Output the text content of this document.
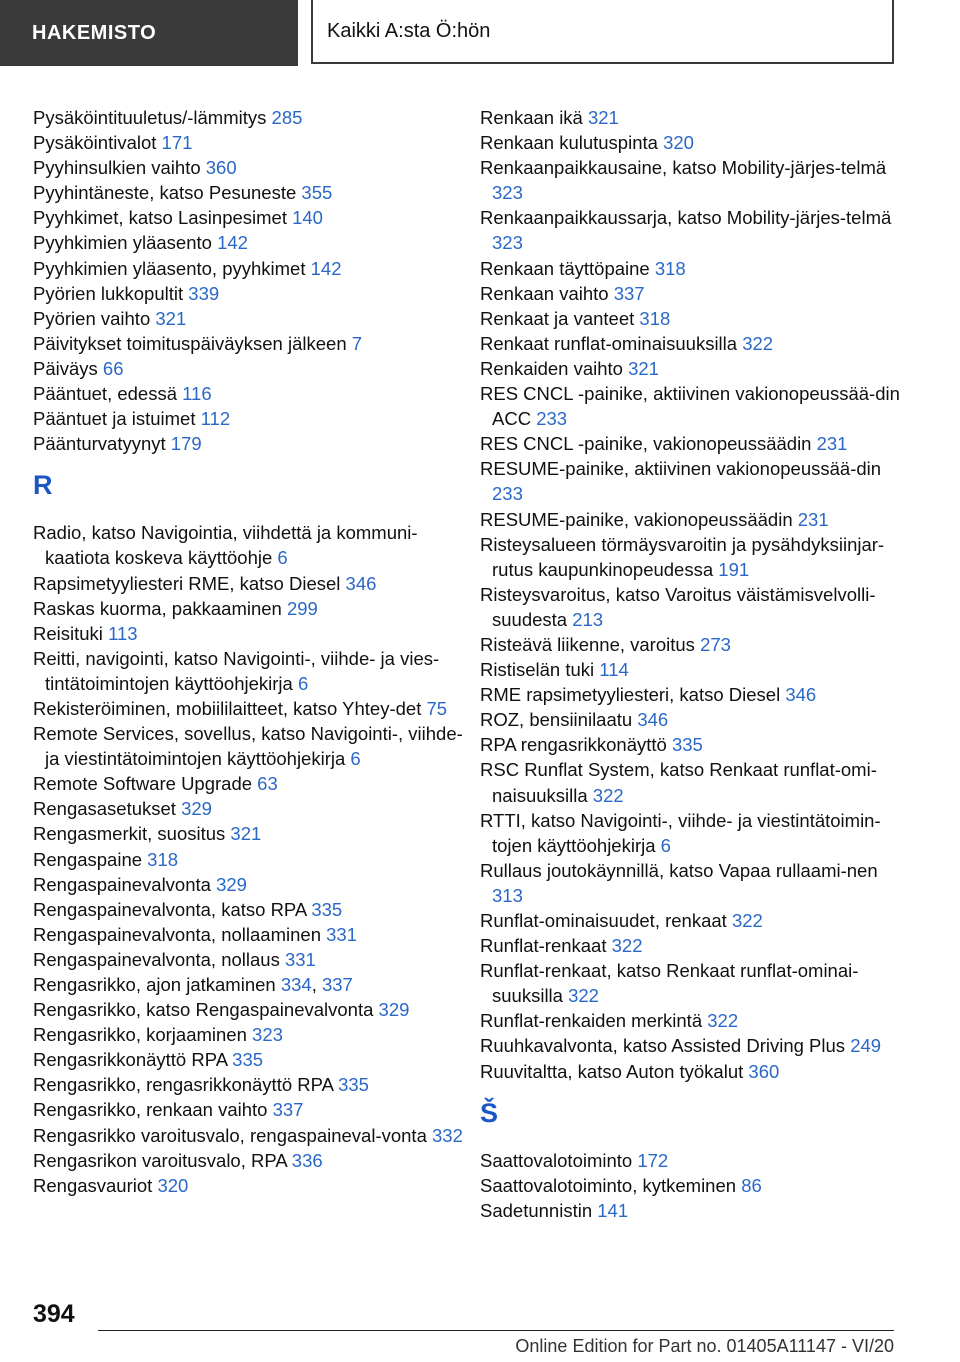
HAKEMISTO	Kaikki A:sta Ö:hön
Pysäköintituuletus/-lämmitys 285
Pysäköintivalot 171
Pyyhinsulkien vaihto 360
Pyyhintäneste, katso Pesuneste 355
Pyyhkimet, katso Lasinpesimet 140
Pyyhkimien yläasento 142
Pyyhkimien yläasento, pyyhkimet 142
Pyörien lukkopultit 339
Pyörien vaihto 321
Päivitykset toimituspäiväyksen jälkeen 7
Päiväys 66
Pääntuet, edessä 116
Pääntuet ja istuimet 112
Päänturvatyynyt 179
R
Radio, katso Navigointia, viihdettä ja kommuni-kaatiota koskeva käyttöohje 6
Rapsimetyyliesteri RME, katso Diesel 346
Raskas kuorma, pakkaaminen 299
Reisituki 113
Reitti, navigointi, katso Navigointi-, viihde- ja vies-tintätoimintojen käyttöohjekirja 6
Rekisteröiminen, mobiililaitteet, katso Yhtey-det 75
Remote Services, sovellus, katso Navigointi-, viihde- ja viestintätoimintojen käyttöohjekirja 6
Remote Software Upgrade 63
Rengasasetukset 329
Rengasmerkit, suositus 321
Rengaspaine 318
Rengaspainevalvonta 329
Rengaspainevalvonta, katso RPA 335
Rengaspainevalvonta, nollaaminen 331
Rengaspainevalvonta, nollaus 331
Rengasrikko, ajon jatkaminen 334, 337
Rengasrikko, katso Rengaspainevalvonta 329
Rengasrikko, korjaaminen 323
Rengasrikkonäyttö RPA 335
Rengasrikko, rengasrikkonäyttö RPA 335
Rengasrikko, renkaan vaihto 337
Rengasrikko varoitusvalo, rengaspaineval-vonta 332
Rengasrikon varoitusvalo, RPA 336
Rengasvauriot 320
Renkaan ikä 321
Renkaan kulutuspinta 320
Renkaanpaikkausaine, katso Mobility-järjes-telmä 323
Renkaanpaikkaussarja, katso Mobility-järjes-telmä 323
Renkaan täyttöpaine 318
Renkaan vaihto 337
Renkaat ja vanteet 318
Renkaat runflat-ominaisuuksilla 322
Renkaiden vaihto 321
RES CNCL -painike, aktiivinen vakionopeussää-din ACC 233
RES CNCL -painike, vakionopeussäädin 231
RESUME-painike, aktiivinen vakionopeussää-din 233
RESUME-painike, vakionopeussäädin 231
Risteysalueen törmäysvaroitin ja pysähdyksiinjar-rutus kaupunkinopeudessa 191
Risteysvaroitus, katso Varoitus väistämisvelvolli-suudesta 213
Risteävä liikenne, varoitus 273
Ristiselän tuki 114
RME rapsimetyyliesteri, katso Diesel 346
ROZ, bensiinilaatu 346
RPA rengasrikkonäyttö 335
RSC Runflat System, katso Renkaat runflat-omi-naisuuksilla 322
RTTI, katso Navigointi-, viihde- ja viestintätoimin-tojen käyttöohjekirja 6
Rullaus joutokäynnillä, katso Vapaa rullaami-nen 313
Runflat-ominaisuudet, renkaat 322
Runflat-renkaat 322
Runflat-renkaat, katso Renkaat runflat-ominai-suuksilla 322
Runflat-renkaiden merkintä 322
Ruuhkavalvonta, katso Assisted Driving Plus 249
Ruuvitaltta, katso Auton työkalut 360
Š
Saattovalotoiminto 172
Saattovalotoiminto, kytkeminen 86
Sadetunnistin 141
394
Online Edition for Part no. 01405A11147 - VI/20
